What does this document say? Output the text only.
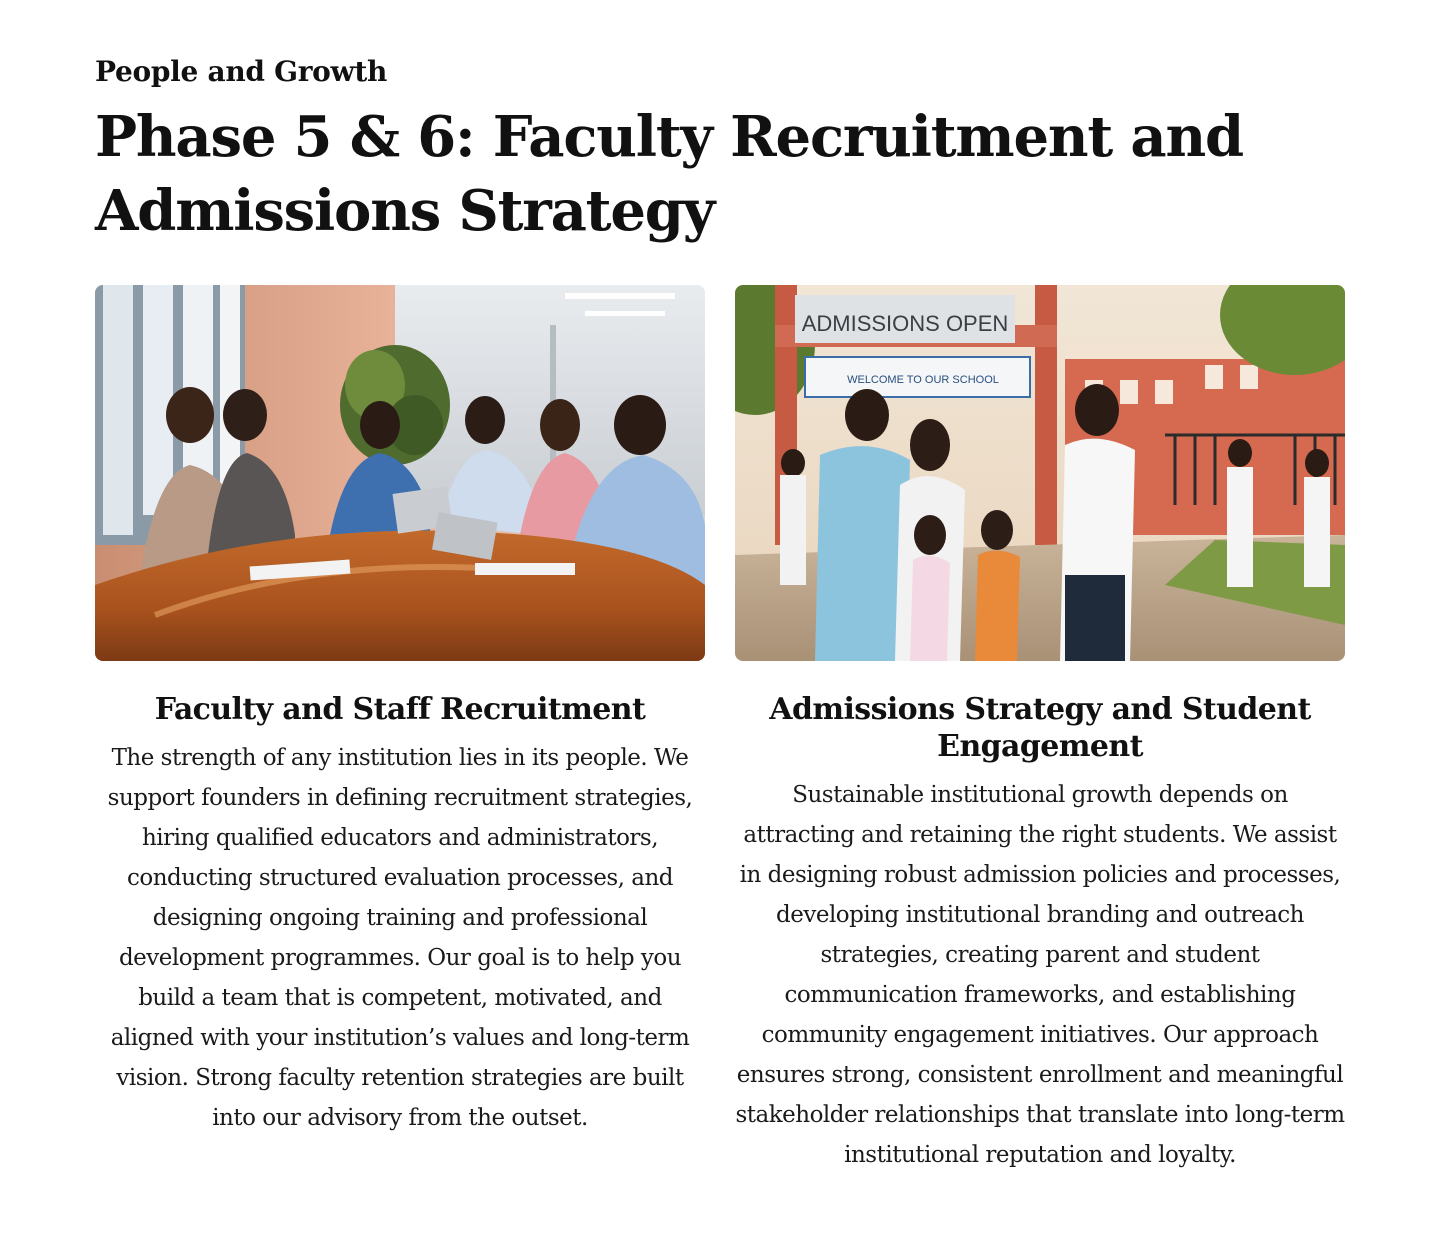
People and Growth
Phase 5 & 6: Faculty Recruitment and Admissions Strategy
Faculty and Staff Recruitment

The strength of any institution lies in its people. We support founders in defining recruitment strategies, hiring qualified educators and administrators, conducting structured evaluation processes, and designing ongoing training and professional development programmes. Our goal is to help you build a team that is competent, motivated, and aligned with your institution’s values and long-term vision. Strong faculty retention strategies are built into our advisory from the outset.

ADMISSIONS OPEN
WELCOME TO OUR SCHOOL
Admissions Strategy and Student Engagement

Sustainable institutional growth depends on attracting and retaining the right students. We assist in designing robust admission policies and processes, developing institutional branding and outreach strategies, creating parent and student communication frameworks, and establishing community engagement initiatives. Our approach ensures strong, consistent enrollment and meaningful stakeholder relationships that translate into long-term institutional reputation and loyalty.
